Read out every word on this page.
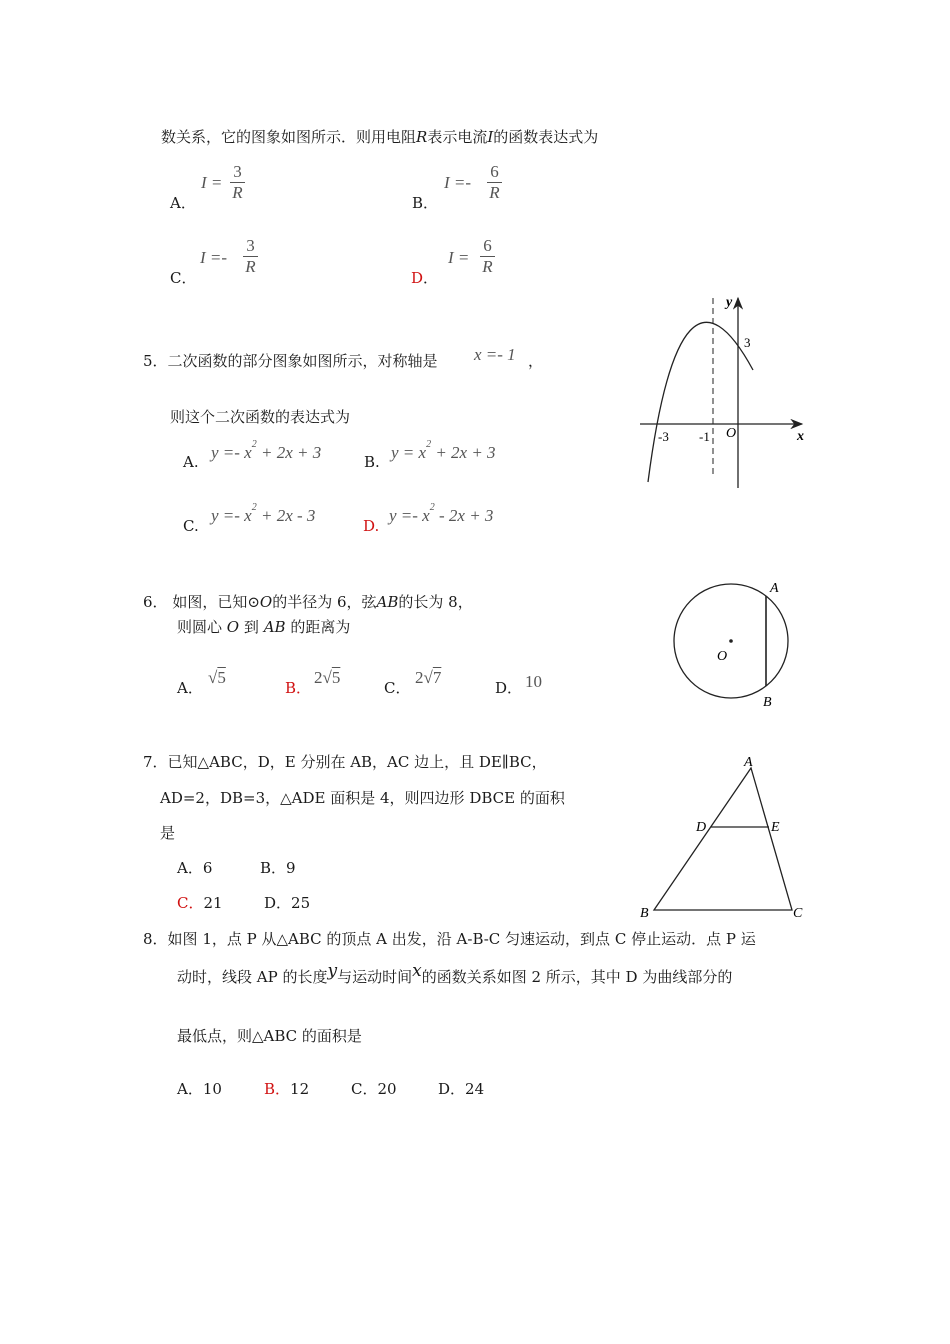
数关系，它的图象如图所示．则用电阻R表示电流I的函数表达式为
A．
I =
3
R
B．
I =-
6
R
C．
I =-
3
R
D．
I =
6
R
5．二次函数的部分图象如图所示，对称轴是 x =- 1 ，
则这个二次函数的表达式为
A. $y =- x^2 + 2x + 3$	B. $y = x^2 + 2x + 3$
C.
$y =- x^2 + 2x - 3$
D.
$y =- x^2 - 2x + 3$
y
x
O
-3 -1
3
6． 如图，已知⊙O的半径为 6，弦AB的长为 8，
则圆心 O 到 AB 的距离为
A．
√5
B．
2√5
C．
2√7
D． 10
A
B
O
7．已知△ABC，D，E 分别在 AB，AC 边上，且 DE∥BC，
AD=2，DB=3，△ADE 面积是 4，则四边形 DBCE 的面积
是
A．6	B．9
C．21	D．25
A
B	C
D	E
8．如图 1，点 P 从△ABC 的顶点 A 出发，沿 A-B-C 匀速运动，到点 C 停止运动．点 P 运
动时，线段 AP 的长度y与运动时间x的函数关系如图 2 所示，其中 D 为曲线部分的
最低点，则△ABC 的面积是
A．10	B．12	C．20	D．24
